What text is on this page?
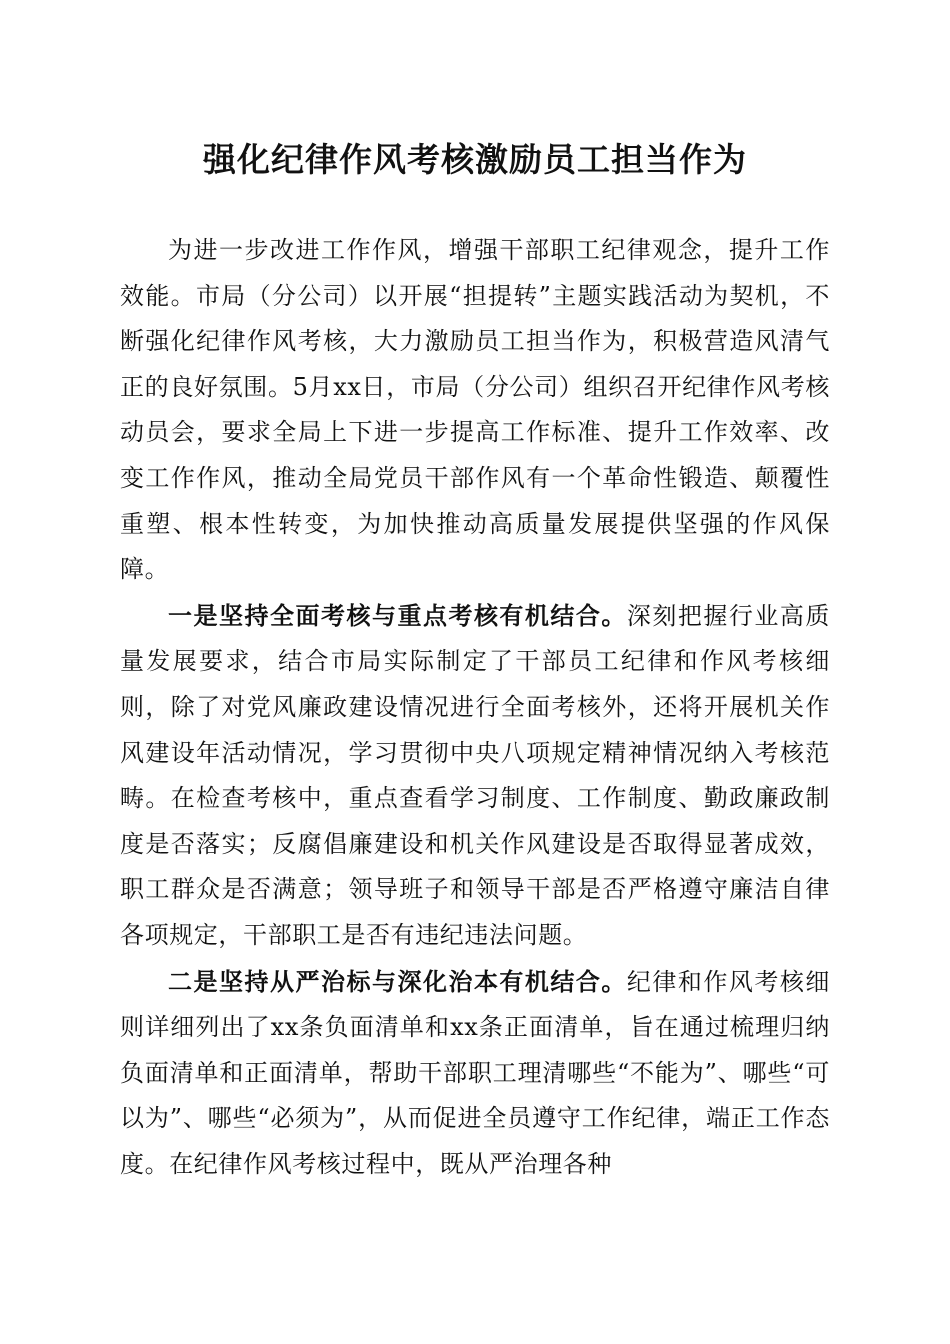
强化纪律作风考核激励员工担当作为

为进一步改进工作作风，增强干部职工纪律观念，提升工作效能。市局（分公司）以开展“担提转”主题实践活动为契机，不断强化纪律作风考核，大力激励员工担当作为，积极营造风清气正的良好氛围。5月xx日，市局（分公司）组织召开纪律作风考核动员会，要求全局上下进一步提高工作标准、提升工作效率、改变工作作风，推动全局党员干部作风有一个革命性锻造、颠覆性重塑、根本性转变，为加快推动高质量发展提供坚强的作风保障。

一是坚持全面考核与重点考核有机结合。深刻把握行业高质量发展要求，结合市局实际制定了干部员工纪律和作风考核细则，除了对党风廉政建设情况进行全面考核外，还将开展机关作风建设年活动情况，学习贯彻中央八项规定精神情况纳入考核范畴。在检查考核中，重点查看学习制度、工作制度、勤政廉政制度是否落实；反腐倡廉建设和机关作风建设是否取得显著成效，职工群众是否满意；领导班子和领导干部是否严格遵守廉洁自律各项规定，干部职工是否有违纪违法问题。

二是坚持从严治标与深化治本有机结合。纪律和作风考核细则详细列出了xx条负面清单和xx条正面清单，旨在通过梳理归纳负面清单和正面清单，帮助干部职工理清哪些“不能为”、哪些“可以为”、哪些“必须为”，从而促进全员遵守工作纪律，端正工作态度。在纪律作风考核过程中，既从严治理各种
